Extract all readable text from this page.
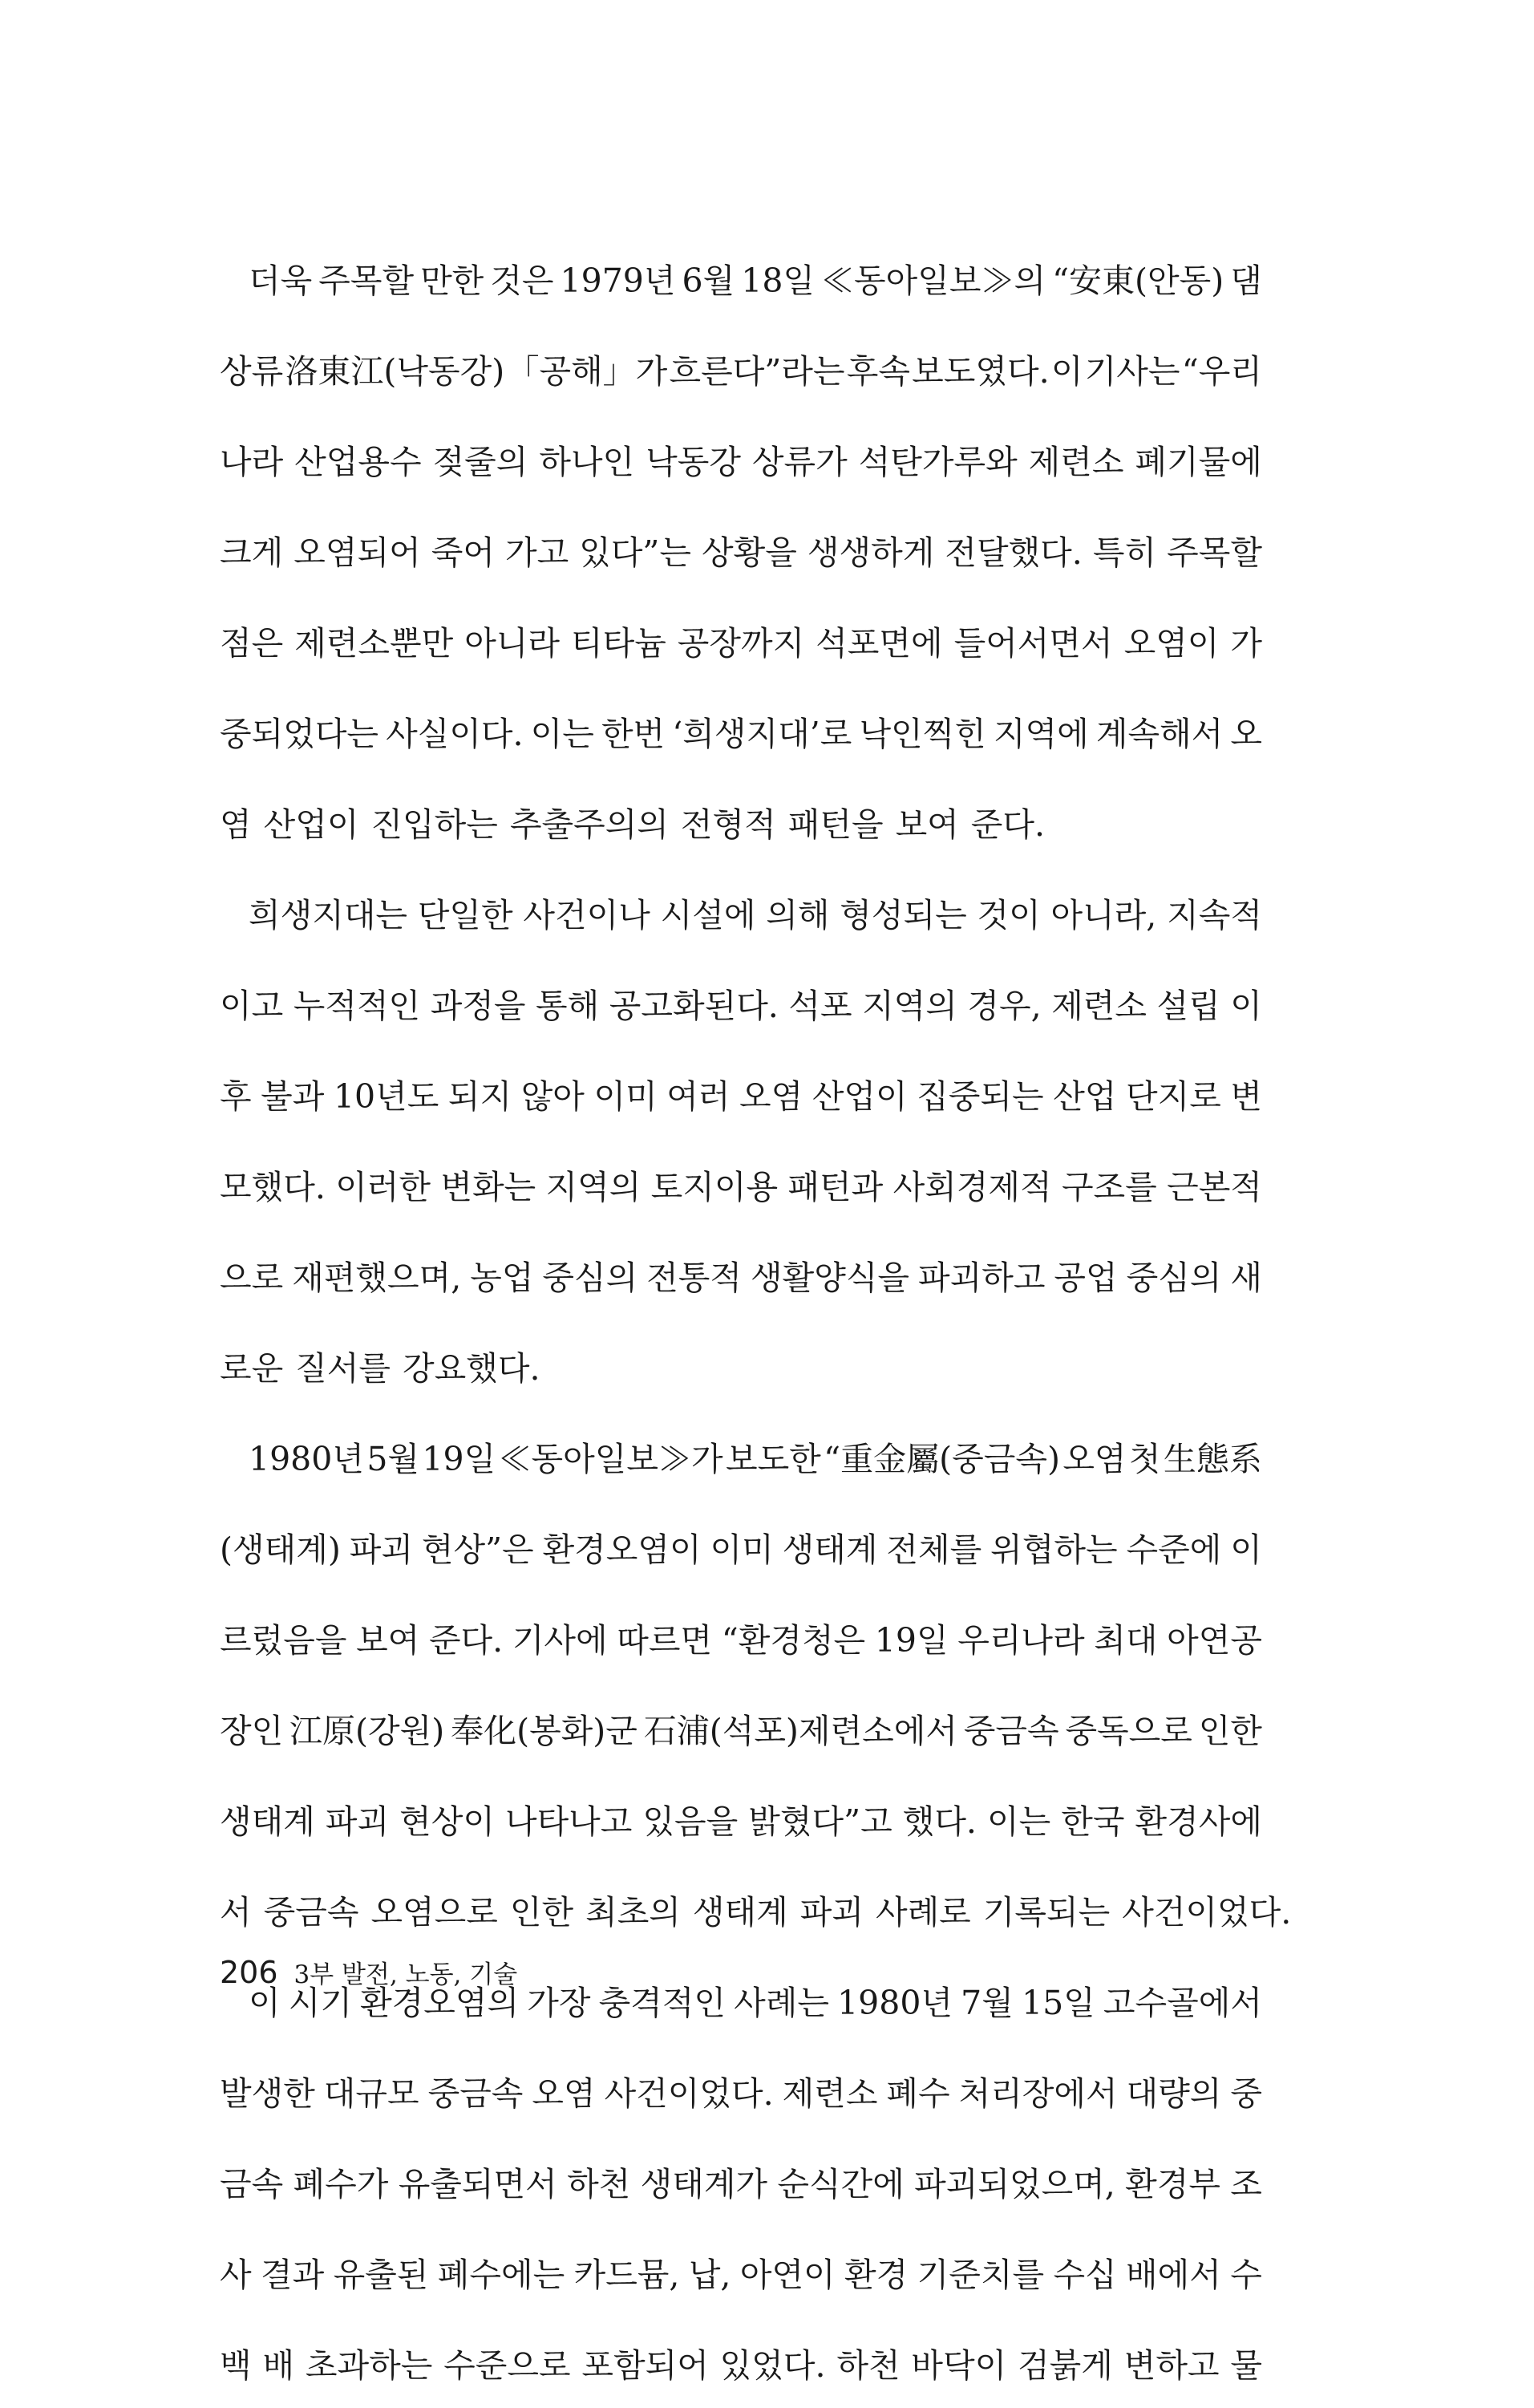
더욱 주목할 만한 것은 1979년 6월 18일 ≪동아일보≫의 “安東(안동) 댐
상류 洛東江(낙동강) 「공해」가 흐른다”라는 후속 보도였다. 이 기사는 “우리
나라 산업용수 젖줄의 하나인 낙동강 상류가 석탄가루와 제련소 폐기물에
크게 오염되어 죽어 가고 있다”는 상황을 생생하게 전달했다. 특히 주목할
점은 제련소뿐만 아니라 티타늄 공장까지 석포면에 들어서면서 오염이 가
중되었다는 사실이다. 이는 한번 ‘희생지대’로 낙인찍힌 지역에 계속해서 오
염 산업이 진입하는 추출주의의 전형적 패턴을 보여 준다.
희생지대는 단일한 사건이나 시설에 의해 형성되는 것이 아니라, 지속적
이고 누적적인 과정을 통해 공고화된다. 석포 지역의 경우, 제련소 설립 이
후 불과 10년도 되지 않아 이미 여러 오염 산업이 집중되는 산업 단지로 변
모했다. 이러한 변화는 지역의 토지이용 패턴과 사회경제적 구조를 근본적
으로 재편했으며, 농업 중심의 전통적 생활양식을 파괴하고 공업 중심의 새
로운 질서를 강요했다.
1980년 5월 19일 ≪동아일보≫가 보도한 “重金屬(중금속) 오염 첫 生態系
(생태계) 파괴 현상”은 환경오염이 이미 생태계 전체를 위협하는 수준에 이
르렀음을 보여 준다. 기사에 따르면 “환경청은 19일 우리나라 최대 아연공
장인 江原(강원) 奉化(봉화)군 石浦(석포)제련소에서 중금속 중독으로 인한
생태계 파괴 현상이 나타나고 있음을 밝혔다”고 했다. 이는 한국 환경사에
서 중금속 오염으로 인한 최초의 생태계 파괴 사례로 기록되는 사건이었다.
이 시기 환경오염의 가장 충격적인 사례는 1980년 7월 15일 고수골에서
발생한 대규모 중금속 오염 사건이었다. 제련소 폐수 처리장에서 대량의 중
금속 폐수가 유출되면서 하천 생태계가 순식간에 파괴되었으며, 환경부 조
사 결과 유출된 폐수에는 카드뮴, 납, 아연이 환경 기준치를 수십 배에서 수
백 배 초과하는 수준으로 포함되어 있었다. 하천 바닥이 검붉게 변하고 물
206 3부 발전, 노동, 기술
